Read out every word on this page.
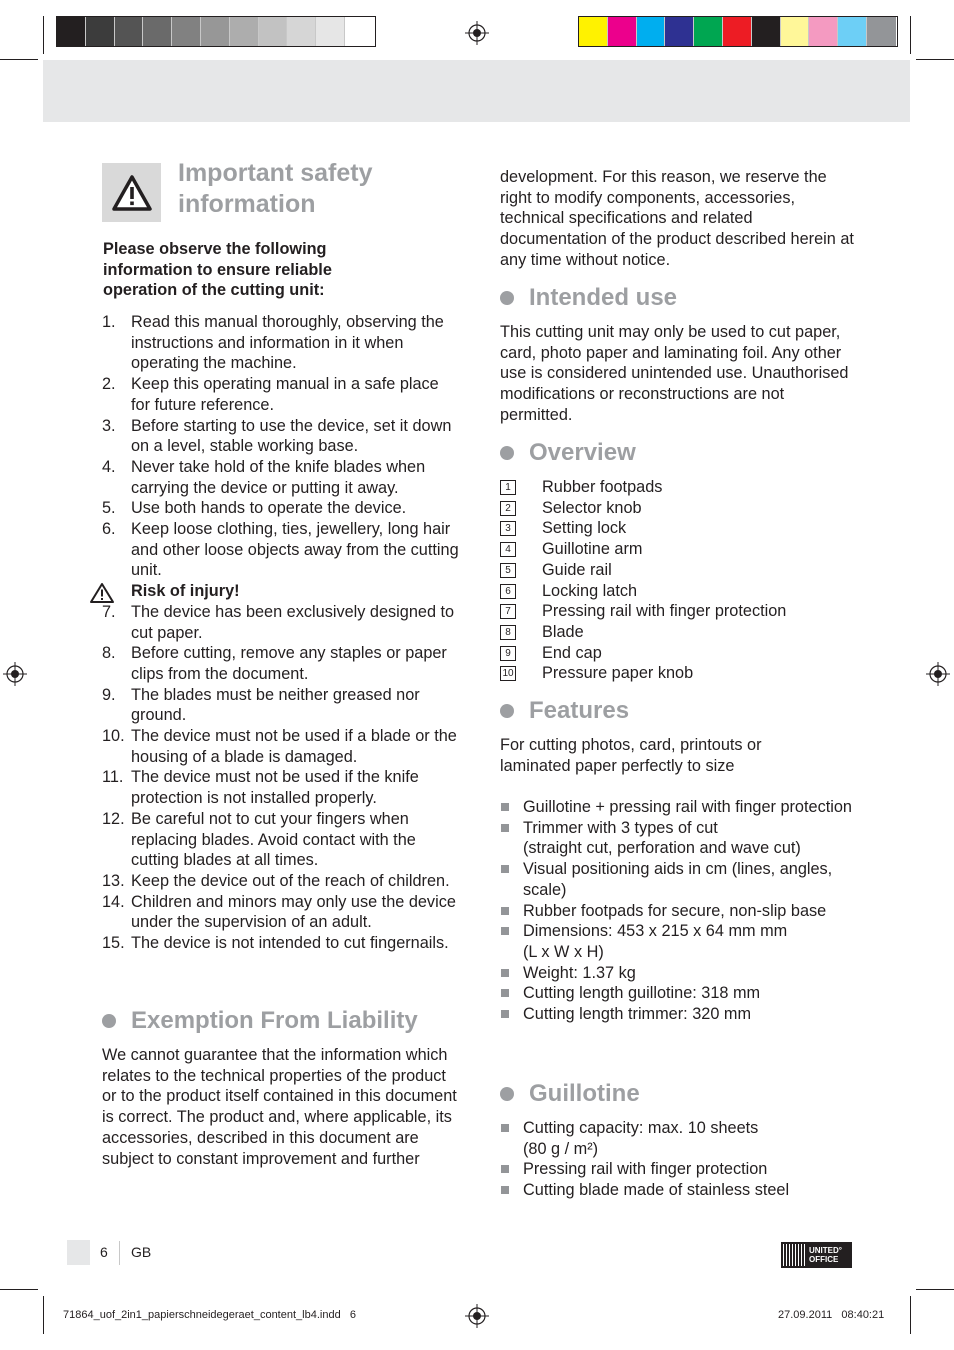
Important safety information
Please observe the following information to ensure reliable operation of the cutting unit:
1. Read this manual thoroughly, observing the instructions and information in it when operating the machine.
2. Keep this operating manual in a safe place for future reference.
3. Before starting to use the device, set it down on a level, stable working base.
4. Never take hold of the knife blades when carrying the device or putting it away.
5. Use both hands to operate the device.
6. Keep loose clothing, ties, jewellery, long hair and other loose objects away from the cutting unit.
Risk of injury!
7. The device has been exclusively designed to cut paper.
8. Before cutting, remove any staples or paper clips from the document.
9. The blades must be neither greased nor ground.
10. The device must not be used if a blade or the housing of a blade is damaged.
11. The device must not be used if the knife protection is not installed properly.
12. Be careful not to cut your fingers when replacing blades. Avoid contact with the cutting blades at all times.
13. Keep the device out of the reach of children.
14. Children and minors may only use the device under the supervision of an adult.
15. The device is not intended to cut fingernails.
Exemption From Liability
We cannot guarantee that the information which relates to the technical properties of the product or to the product itself contained in this document is correct. The product and, where applicable, its accessories, described in this document are subject to constant improvement and further
development. For this reason, we reserve the right to modify components, accessories, technical specifications and related documentation of the product described herein at any time without notice.
Intended use
This cutting unit may only be used to cut paper, card, photo paper and laminating foil. Any other use is considered unintended use. Unauthorised modifications or reconstructions are not permitted.
Overview
1	Rubber footpads
2	Selector knob
3	Setting lock
4	Guillotine arm
5	Guide rail
6	Locking latch
7	Pressing rail with finger protection
8	Blade
9	End cap
10 Pressure paper knob
Features
For cutting photos, card, printouts or laminated paper perfectly to size
Guillotine + pressing rail with finger protection
Trimmer with 3 types of cut
(straight cut, perforation and wave cut)
Visual positioning aids in cm (lines, angles, scale)
Rubber footpads for secure, non-slip base
Dimensions: 453 x 215 x 64 mm mm
(L x W x H)
Weight: 1.37 kg
Cutting length guillotine: 318 mm
Cutting length trimmer: 320 mm
Guillotine
Cutting capacity: max. 10 sheets
(80 g / m²)
Pressing rail with finger protection
Cutting blade made of stainless steel
6 GB	UNITED°
OFFICE
71864_uof_2in1_papierschneidegeraet_content_lb4.indd   6	27.09.2011   08:40:21
